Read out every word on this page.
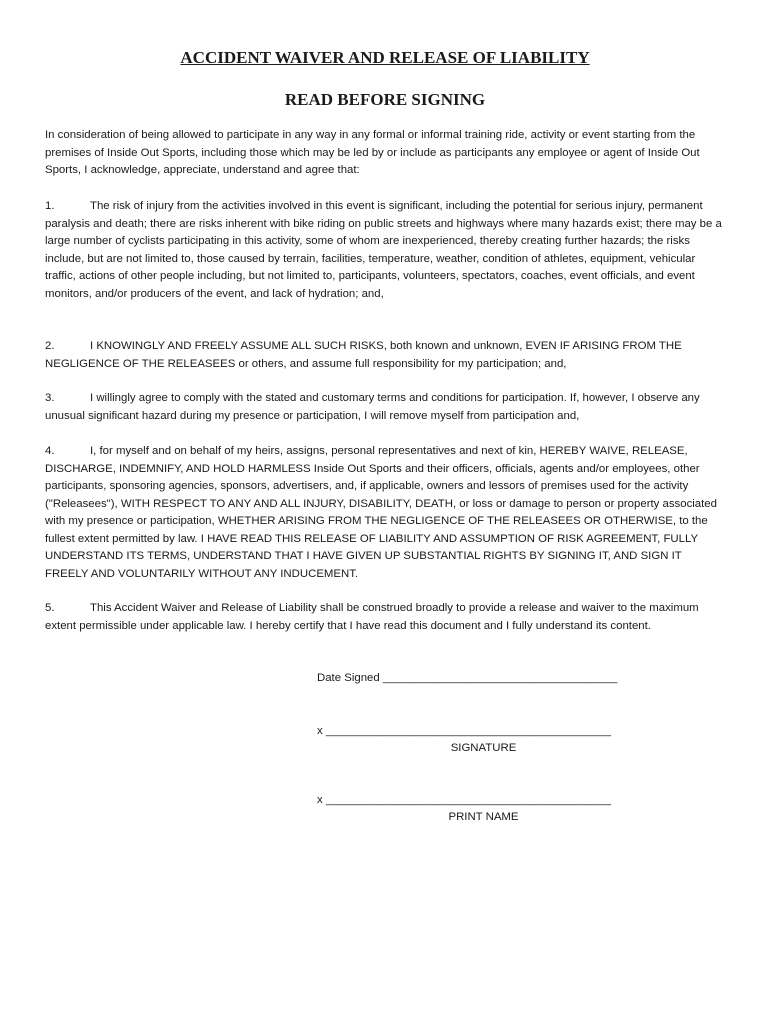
ACCIDENT WAIVER AND RELEASE OF LIABILITY
READ BEFORE SIGNING

In consideration of being allowed to participate in any way in any formal or informal training ride, activity or event starting from the premises of Inside Out Sports, including those which may be led by or include as participants any employee or agent of Inside Out Sports, I acknowledge, appreciate, understand and agree that:

1.	The risk of injury from the activities involved in this event is significant, including the potential for serious injury, permanent paralysis and death; there are risks inherent with bike riding on public streets and highways where many hazards exist; there may be a large number of cyclists participating in this activity, some of whom are inexperienced, thereby creating further hazards; the risks include, but are not limited to, those caused by terrain, facilities, temperature, weather, condition of athletes, equipment, vehicular traffic, actions of other people including, but not limited to, participants, volunteers, spectators, coaches, event officials, and event monitors, and/or producers of the event, and lack of hydration; and,

2.	I KNOWINGLY AND FREELY ASSUME ALL SUCH RISKS, both known and unknown, EVEN IF ARISING FROM THE NEGLIGENCE OF THE RELEASEES or others, and assume full responsibility for my participation; and,

3.	I willingly agree to comply with the stated and customary terms and conditions for participation. If, however, I observe any unusual significant hazard during my presence or participation, I will remove myself from participation and,

4.	I, for myself and on behalf of my heirs, assigns, personal representatives and next of kin, HEREBY WAIVE, RELEASE, DISCHARGE, INDEMNIFY, AND HOLD HARMLESS Inside Out Sports and their officers, officials, agents and/or employees, other participants, sponsoring agencies, sponsors, advertisers, and, if applicable, owners and lessors of premises used for the activity ("Releasees"), WITH RESPECT TO ANY AND ALL INJURY, DISABILITY, DEATH, or loss or damage to person or property associated with my presence or participation, WHETHER ARISING FROM THE NEGLIGENCE OF THE RELEASEES OR OTHERWISE, to the fullest extent permitted by law. I HAVE READ THIS RELEASE OF LIABILITY AND ASSUMPTION OF RISK AGREEMENT, FULLY UNDERSTAND ITS TERMS, UNDERSTAND THAT I HAVE GIVEN UP SUBSTANTIAL RIGHTS BY SIGNING IT, AND SIGN IT FREELY AND VOLUNTARILY WITHOUT ANY INDUCEMENT.

5.	This Accident Waiver and Release of Liability shall be construed broadly to provide a release and waiver to the maximum extent permissible under applicable law. I hereby certify that I have read this document and I fully understand its content.

Date Signed _____________________________________
x _____________________________________________
SIGNATURE
x _____________________________________________
PRINT NAME
